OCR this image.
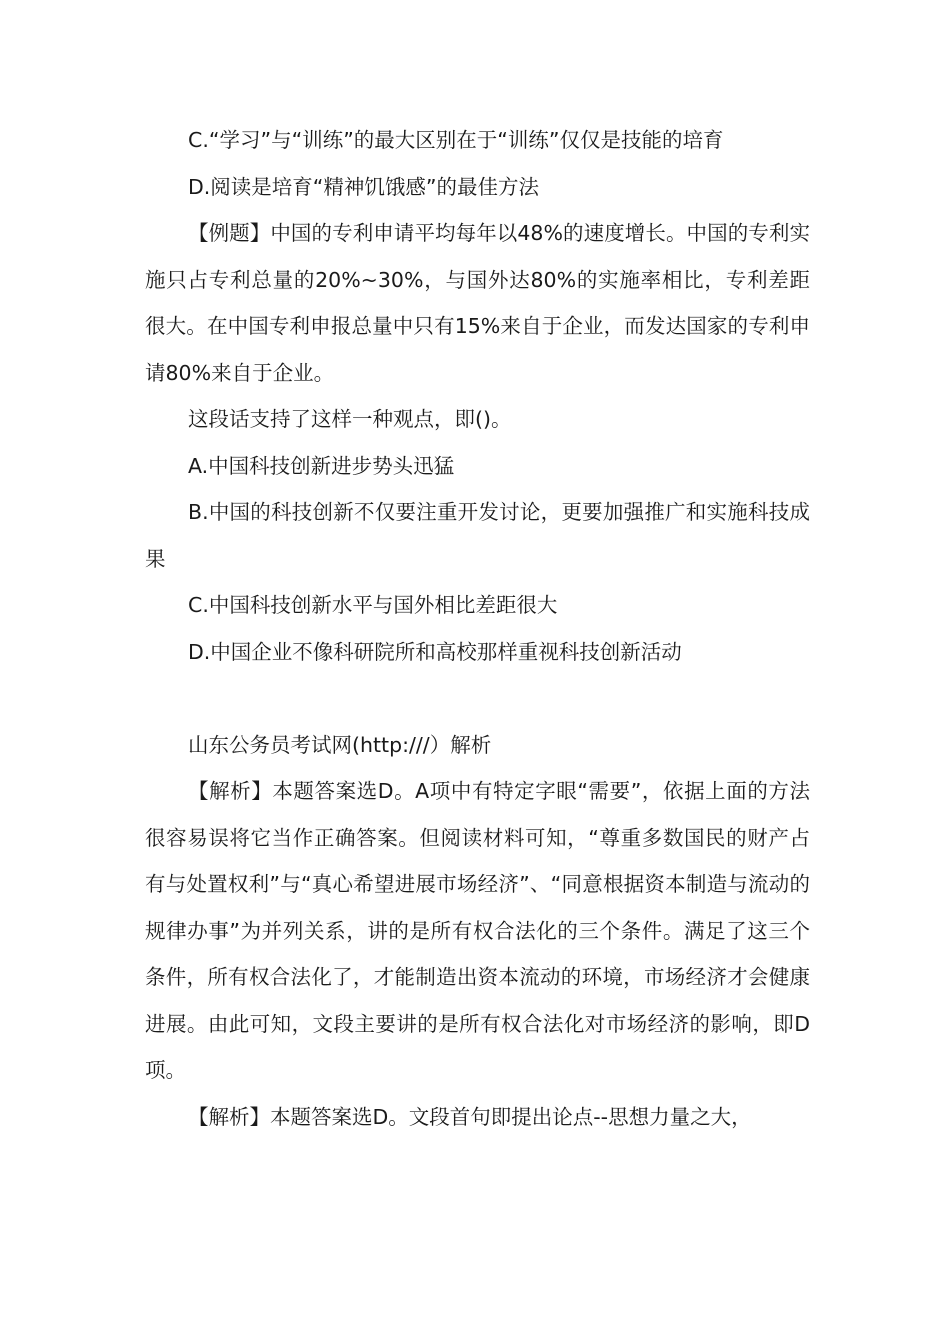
C.“学习”与“训练”的最大区别在于“训练”仅仅是技能的培育

D.阅读是培育“精神饥饿感”的最佳方法

【例题】中国的专利申请平均每年以48%的速度增长。中国的专利实施只占专利总量的20%~30%，与国外达80%的实施率相比，专利差距很大。在中国专利申报总量中只有15%来自于企业，而发达国家的专利申请80%来自于企业。

这段话支持了这样一种观点，即()。

A.中国科技创新进步势头迅猛

B.中国的科技创新不仅要注重开发讨论，更要加强推广和实施科技成果

C.中国科技创新水平与国外相比差距很大

D.中国企业不像科研院所和高校那样重视科技创新活动

山东公务员考试网(http:///）解析

【解析】本题答案选D。A项中有特定字眼“需要”，依据上面的方法很容易误将它当作正确答案。但阅读材料可知，“尊重多数国民的财产占有与处置权利”与“真心希望进展市场经济”、“同意根据资本制造与流动的规律办事”为并列关系，讲的是所有权合法化的三个条件。满足了这三个条件，所有权合法化了，才能制造出资本流动的环境，市场经济才会健康进展。由此可知，文段主要讲的是所有权合法化对市场经济的影响，即D项。

【解析】本题答案选D。文段首句即提出论点--思想力量之大，
